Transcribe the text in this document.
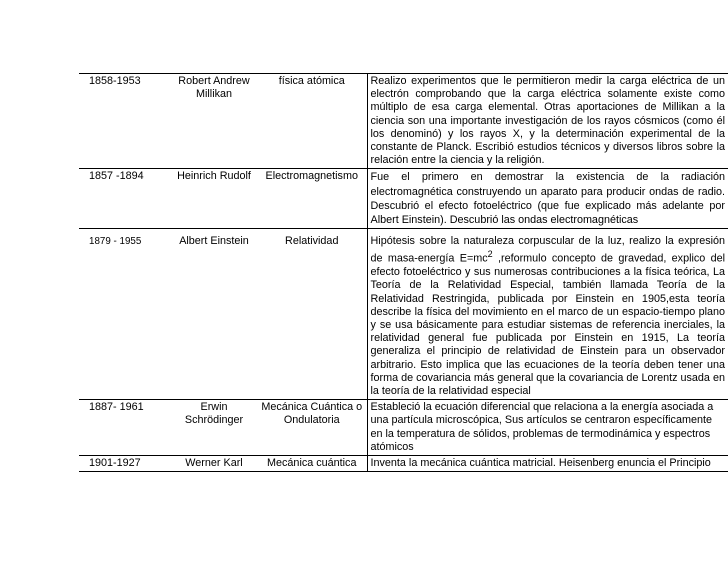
1858-1953	Robert Andrew Millikan	física atómica	Realizo experimentos que le permitieron medir la carga eléctrica de un electrón comprobando que la carga eléctrica solamente existe como múltiplo de esa carga elemental. Otras aportaciones de Millikan a la ciencia son una importante investigación de los rayos cósmicos (como él los denominó) y los rayos X, y la determinación experimental de la constante de Planck. Escribió estudios técnicos y diversos libros sobre la relación entre la ciencia y la religión.
1857 -1894	Heinrich Rudolf	Electromagnetismo	Fue el primero en demostrar la existencia de la radiación electromagnética construyendo un aparato para producir ondas de radio. Descubrió el efecto fotoeléctrico (que fue explicado más adelante por Albert Einstein). Descubrió las ondas electromagnéticas
1879 - 1955	Albert Einstein	Relatividad	Hipótesis sobre la naturaleza corpuscular de la luz, realizo la expresión de masa-energía $E=mc^2$ ,reformulo concepto de gravedad, explico del efecto fotoeléctrico y sus numerosas contribuciones a la física teórica, La Teoría de la Relatividad Especial, también llamada Teoría de la Relatividad Restringida, publicada por Einstein en 1905,esta teoría describe la física del movimiento en el marco de un espacio-tiempo plano y se usa básicamente para estudiar sistemas de referencia inerciales, la relatividad general fue publicada por Einstein en 1915, La teoría generaliza el principio de relatividad de Einstein para un observador arbitrario. Esto implica que las ecuaciones de la teoría deben tener una forma de covariancia más general que la covariancia de Lorentz usada en la teoría de la relatividad especial
1887- 1961	Erwin Schrödinger	Mecánica Cuántica o Ondulatoria	Estableció la ecuación diferencial que relaciona a la energía asociada a una partícula microscópica, Sus artículos se centraron específicamente en la temperatura de sólidos, problemas de termodinámica y espectros atómicos
1901-1927	Werner Karl	Mecánica cuántica	Inventa la mecánica cuántica matricial. Heisenberg enuncia el Principio
